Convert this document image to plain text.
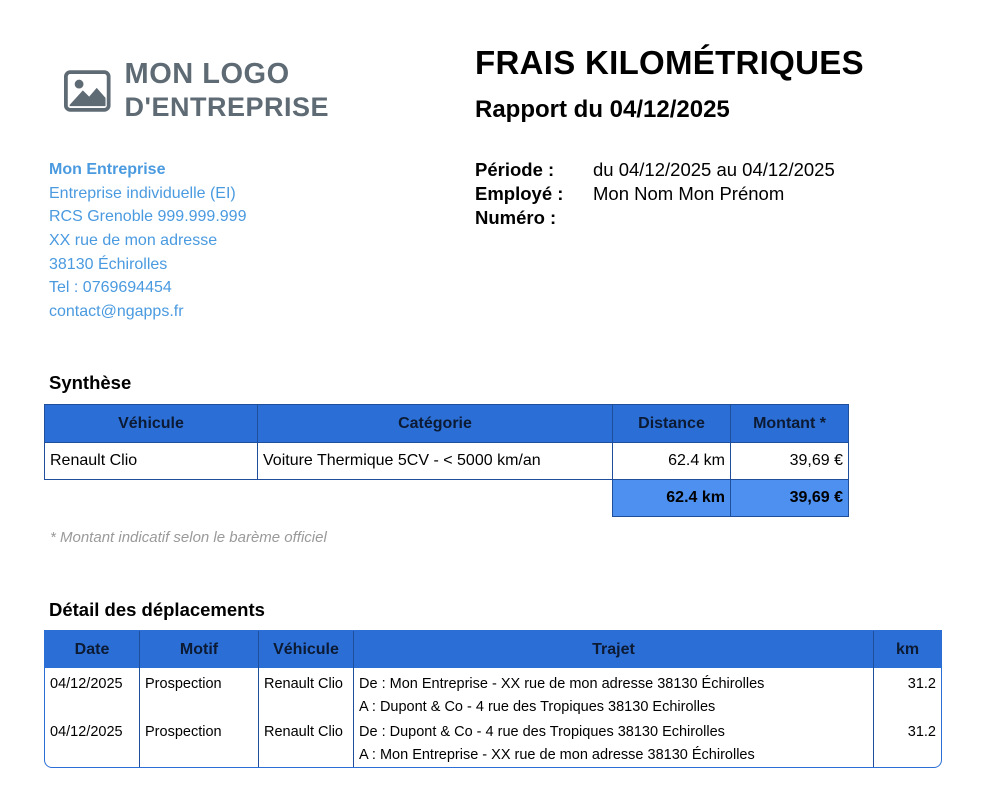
MON LOGO
D'ENTREPRISE
FRAIS KILOMÉTRIQUES
Rapport du 04/12/2025
Mon Entreprise
Entreprise individuelle (EI)
RCS Grenoble 999.999.999
XX rue de mon adresse
38130 Échirolles
Tel : 0769694454
contact@ngapps.fr
Période :	du 04/12/2025 au 04/12/2025
Employé :	Mon Nom Mon Prénom
Numéro :
Synthèse
Véhicule	Catégorie	Distance	Montant *
Renault Clio	Voiture Thermique 5CV - < 5000 km/an	62.4 km	39,69 €
		62.4 km	39,69 €
* Montant indicatif selon le barème officiel
Détail des déplacements
Date	Motif	Véhicule	Trajet	km
04/12/2025	Prospection	Renault Clio	De : Mon Entreprise - XX rue de mon adresse 38130 Échirolles
A : Dupont & Co - 4 rue des Tropiques 38130 Echirolles	31.2
04/12/2025	Prospection	Renault Clio	De : Dupont & Co - 4 rue des Tropiques 38130 Echirolles
A : Mon Entreprise - XX rue de mon adresse 38130 Échirolles	31.2
